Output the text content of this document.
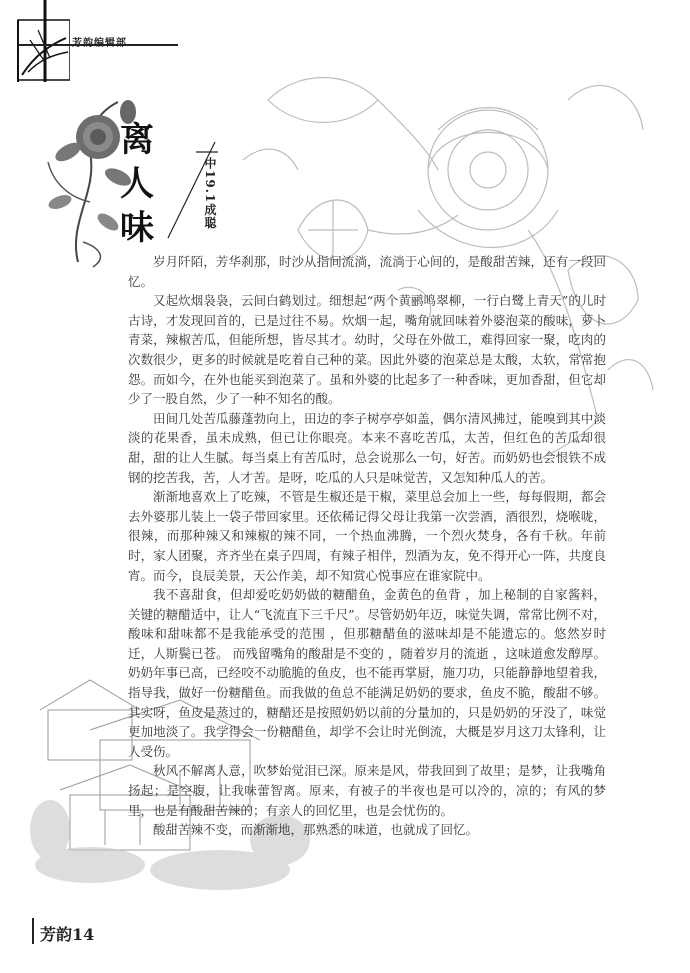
芳韵编辑部
离
人
味	中19.1成聪

岁月阡陌，芳华刹那，时沙从指间流淌，流淌于心间的，是酸甜苦辣，还有一段回忆。

又起炊烟袅袅，云间白鹤划过。细想起“两个黄鹂鸣翠柳，一行白鹭上青天”的儿时古诗，才发现回首的，已是过往不易。炊烟一起，嘴角就回味着外婆泡菜的酸味，萝卜青菜，辣椒苦瓜，但能所想，皆尽其才。幼时，父母在外做工，难得回家一聚，吃肉的次数很少，更多的时候就是吃着自己种的菜。因此外婆的泡菜总是太酸，太软，常常抱怨。而如今，在外也能买到泡菜了。虽和外婆的比起多了一种香味，更加香甜，但它却少了一股自然，少了一种不知名的酸。

田间几处苦瓜藤蓬勃向上，田边的李子树亭亭如盖，偶尔清风拂过，能嗅到其中淡淡的花果香，虽未成熟，但已让你眼亮。本来不喜吃苦瓜，太苦，但红色的苦瓜却很甜，甜的让人生腻。每当桌上有苦瓜时，总会说那么一句，好苦。而奶奶也会恨铁不成钢的挖苦我，苦，人才苦。是呀，吃瓜的人只是味觉苦，又怎知种瓜人的苦。

渐渐地喜欢上了吃辣，不管是生椒还是干椒，菜里总会加上一些，每每假期，都会去外婆那儿装上一袋子带回家里。还依稀记得父母让我第一次尝酒，酒很烈，烧喉咙，很辣，而那种辣又和辣椒的辣不同，一个热血沸腾，一个烈火焚身，各有千秋。年前时，家人团聚，齐齐坐在桌子四周，有辣子相伴，烈酒为友，免不得开心一阵，共度良宵。而今，良辰美景，天公作美，却不知赏心悦事应在谁家院中。

我不喜甜食，但却爱吃奶奶做的糖醋鱼，金黄色的鱼背 ，加上秘制的自家酱料，关键的糖醋适中，让人“飞流直下三千尺”。尽管奶奶年迈，味觉失调，常常比例不对，酸味和甜味都不是我能承受的范围 ，但那糖醋鱼的滋味却是不能遗忘的。悠然岁时迁，人斯鬓已苍。 而残留嘴角的酸甜是不变的 ，随着岁月的流逝 ，这味道愈发醇厚。奶奶年事已高，已经咬不动脆脆的鱼皮，也不能再掌厨，施刀功，只能静静地望着我，指导我，做好一份糖醋鱼。而我做的鱼总不能满足奶奶的要求，鱼皮不脆，酸甜不够。其实呀，鱼皮是蒸过的，糖醋还是按照奶奶以前的分量加的，只是奶奶的牙没了，味觉更加地淡了。我学得会一份糖醋鱼，却学不会让时光倒流，大概是岁月这刀太锋利，让人受伤。

秋风不解离人意，吹梦始觉泪已深。原来是风，带我回到了故里；是梦，让我嘴角扬起；是空腹，让我味蕾智离。原来，有被子的半夜也是可以冷的，凉的；有风的梦里，也是有酸甜苦辣的；有亲人的回忆里，也是会忧伤的。

酸甜苦辣不变，而渐渐地，那熟悉的味道，也就成了回忆。

芳韵14
